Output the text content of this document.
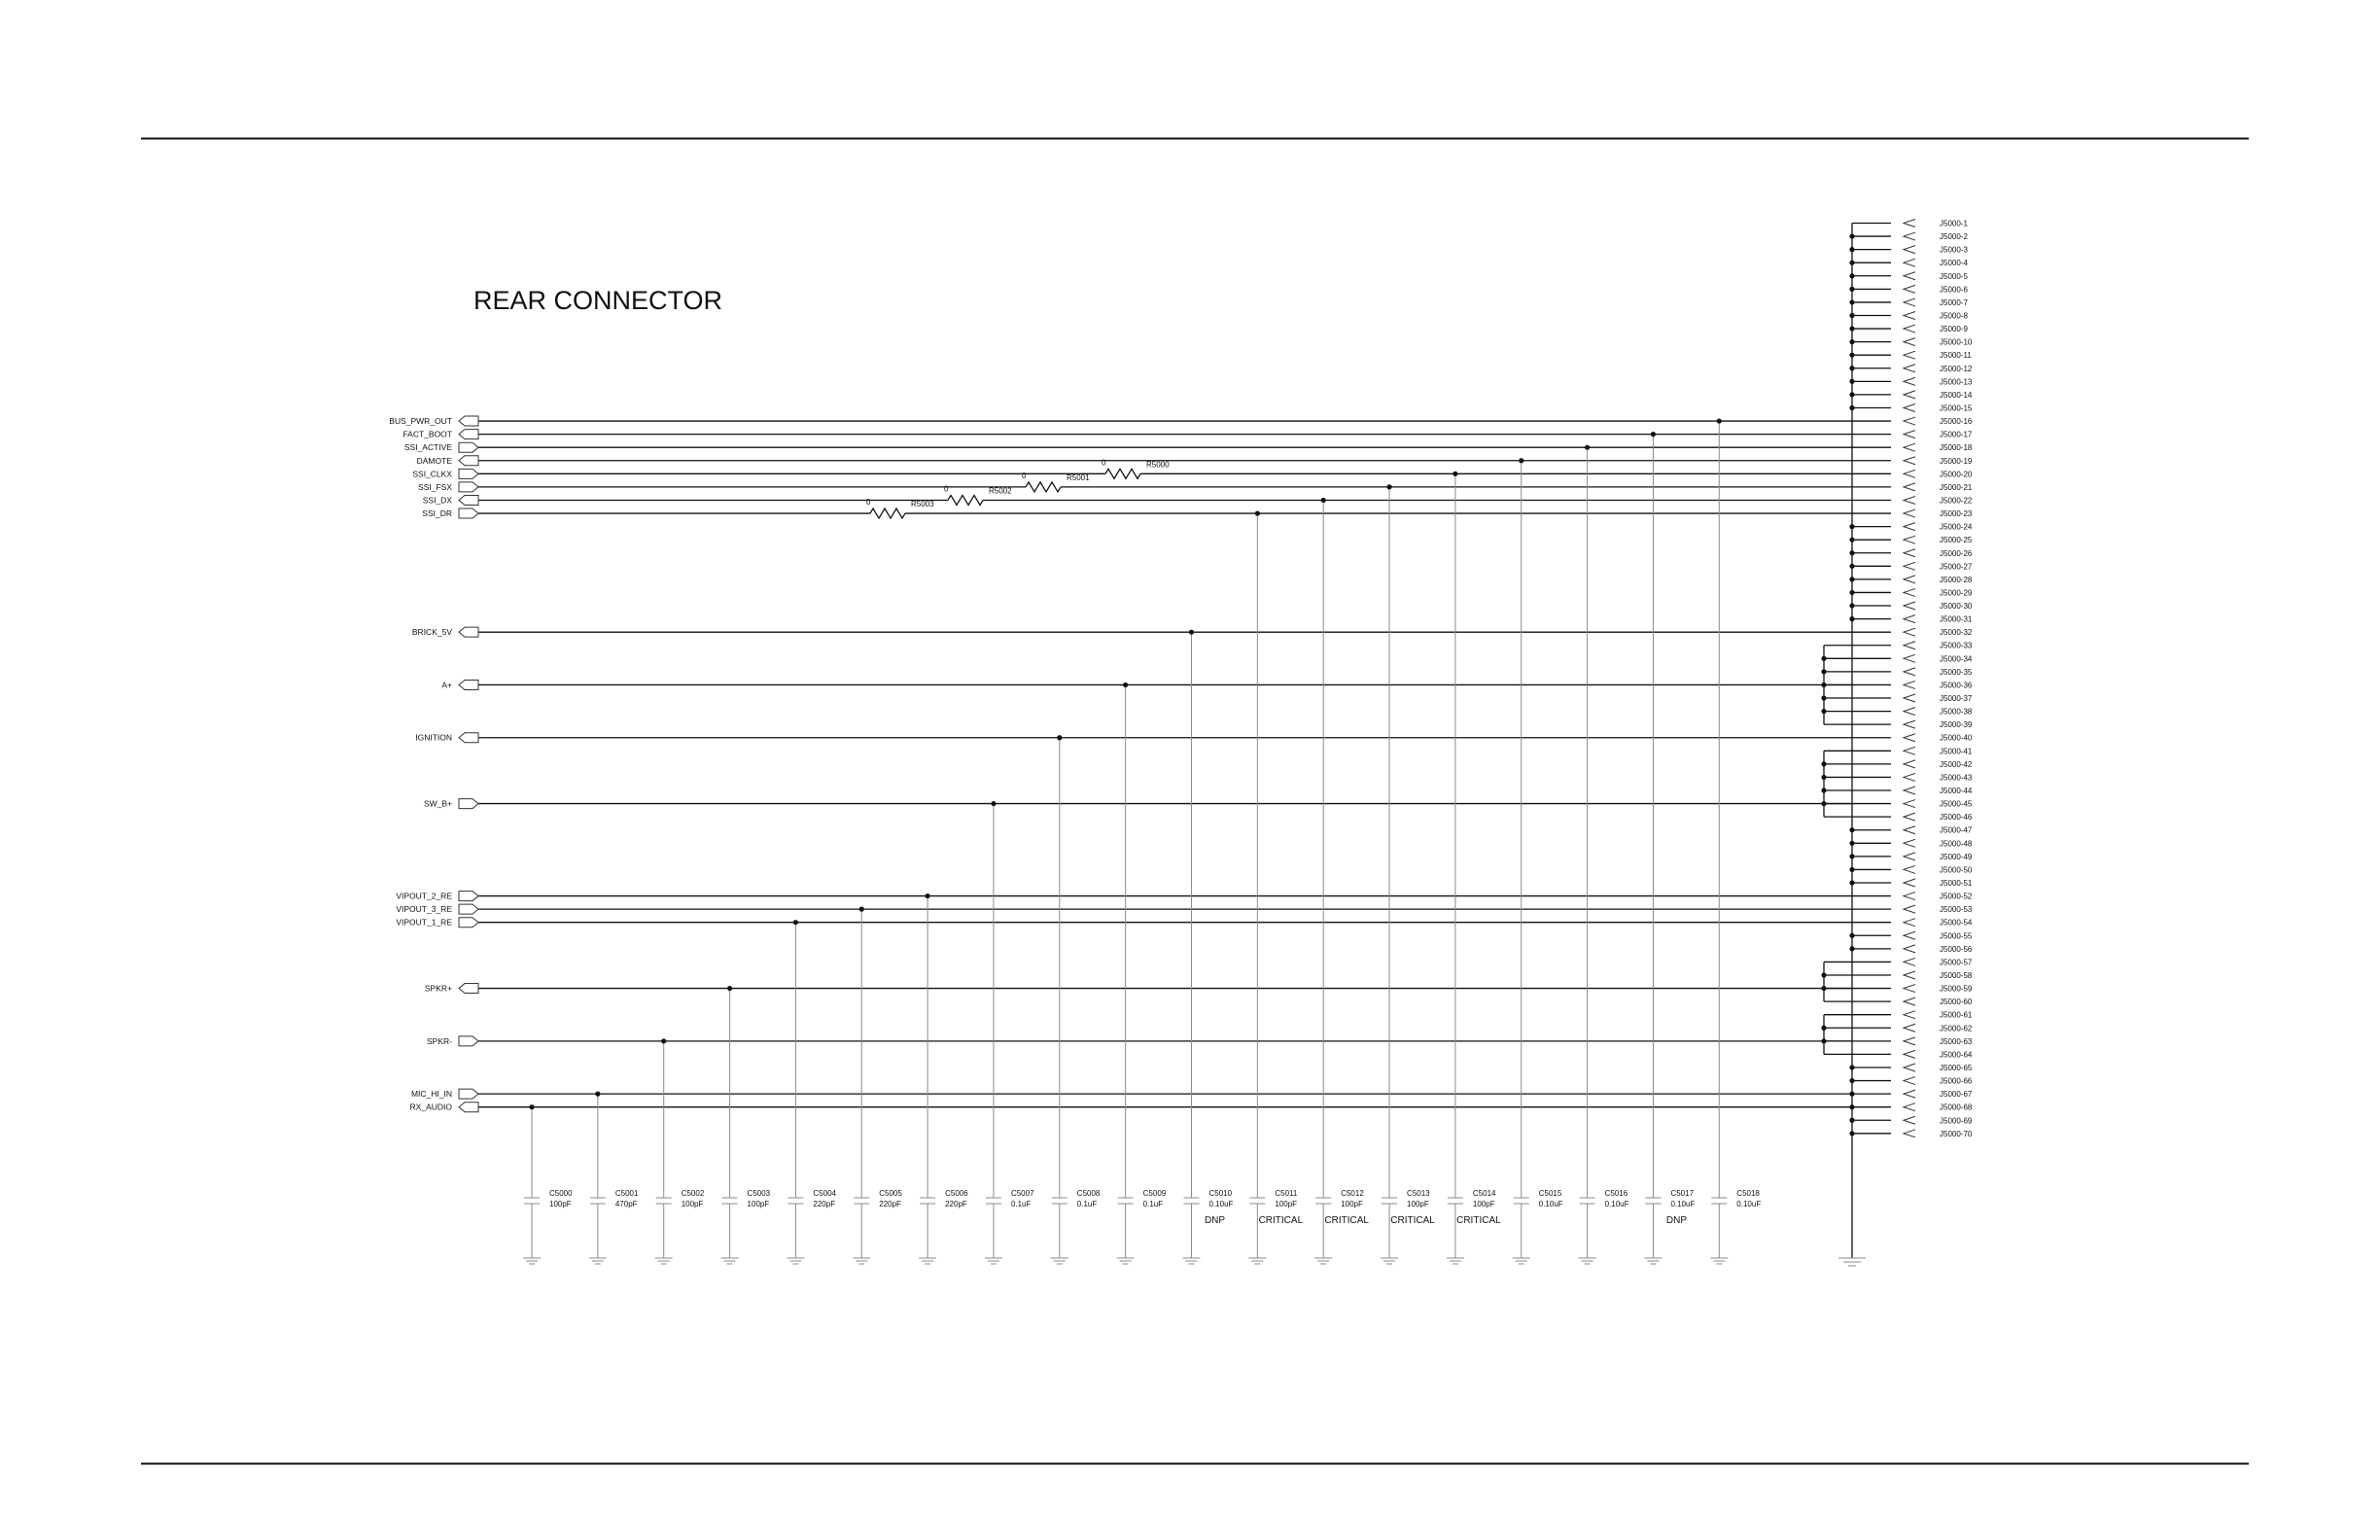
REAR CONNECTOR
J5000-1
J5000-2
J5000-3
J5000-4
J5000-5
J5000-6
J5000-7
J5000-8
J5000-9
J5000-10
J5000-11
J5000-12
J5000-13
J5000-14
J5000-15
J5000-16
J5000-17
J5000-18
J5000-19
J5000-20
J5000-21
J5000-22
J5000-23
J5000-24
J5000-25
J5000-26
J5000-27
J5000-28
J5000-29
J5000-30
J5000-31
J5000-32
J5000-33
J5000-34
J5000-35
J5000-36
J5000-37
J5000-38
J5000-39
J5000-40
J5000-41
J5000-42
J5000-43
J5000-44
J5000-45
J5000-46
J5000-47
J5000-48
J5000-49
J5000-50
J5000-51
J5000-52
J5000-53
J5000-54
J5000-55
J5000-56
J5000-57
J5000-58
J5000-59
J5000-60
J5000-61
J5000-62
J5000-63
J5000-64
J5000-65
J5000-66
J5000-67
J5000-68
J5000-69
J5000-70
BUS_PWR_OUT
FACT_BOOT
SSI_ACTIVE
DAMOTE
SSI_CLKX
SSI_FSX
SSI_DX
SSI_DR
BRICK_5V
A+
IGNITION
SW_B+
VIPOUT_2_RE
VIPOUT_3_RE
VIPOUT_1_RE
SPKR+
SPKR-
MIC_HI_IN
RX_AUDIO
0	R5000
0	R5001
0	R5002
0	R5003
C5000
100pF
C5001
470pF
C5002
100pF
C5003
100pF
C5004
220pF
C5005
220pF
C5006
220pF
C5007
0.1uF
C5008
0.1uF
C5009
0.1uF
C5010
0.10uF
DNP
C5011
100pF
CRITICAL
C5012
100pF
CRITICAL
C5013
100pF
CRITICAL
C5014
100pF
CRITICAL
C5015
0.10uF
C5016
0.10uF
C5017
0.10uF
DNP
C5018
0.10uF
